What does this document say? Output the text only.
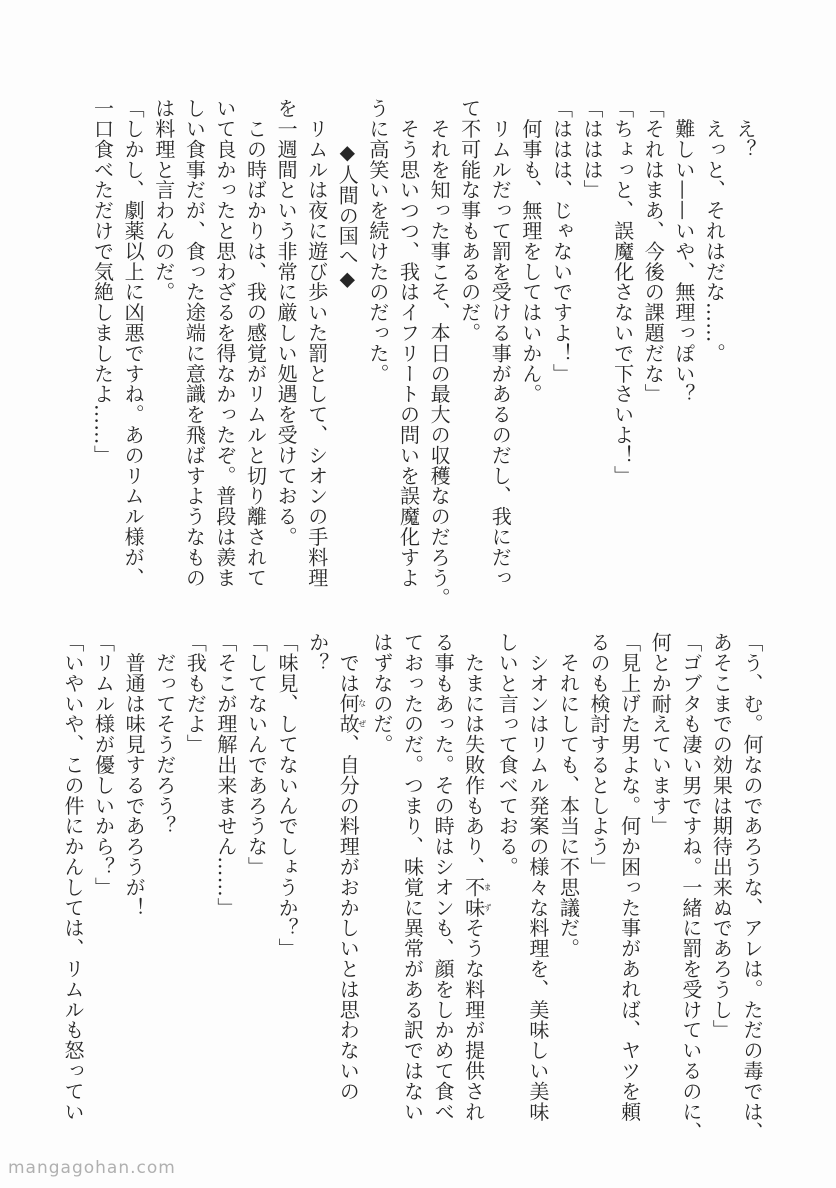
　え？
　えっと、それはだな……。
　難しい——いや、無理っぽい？
「それはまあ、今後の課題だな」
「ちょっと、誤魔化さないで下さいよ！」
「ははは」
「ははは、じゃないですよ！」
　何事も、無理をしてはいかん。
　リムルだって罰を受ける事があるのだし、我にだっ
て不可能な事もあるのだ。
　それを知った事こそ、本日の最大の収穫なのだろう。
　そう思いつつ、我はイフリートの問いを誤魔化すよ
うに高笑いを続けたのだった。
◆人間の国へ◆
　リムルは夜に遊び歩いた罰として、シオンの手料理
を一週間という非常に厳しい処遇を受けておる。
　この時ばかりは、我の感覚がリムルと切り離されて
いて良かったと思わざるを得なかったぞ。普段は羨ま
しい食事だが、食った途端に意識を飛ばすようなもの
は料理と言わんのだ。
「しかし、劇薬以上に凶悪ですね。あのリムル様が、
一口食べただけで気絶しましたよ……」
「う、む。何なのであろうな、アレは。ただの毒では、
あそこまでの効果は期待出来ぬであろうし」
「ゴブタも凄い男ですね。一緒に罰を受けているのに、
何とか耐えています」
「見上げた男よな。何か困った事があれば、ヤツを頼
るのも検討するとしよう」
　それにしても、本当に不思議だ。
　シオンはリムル発案の様々な料理を、美味しい美味
しいと言って食べておる。
　たまには失敗作もあり、不味まずそうな料理が提供され
る事もあった。その時はシオンも、顔をしかめて食べ
ておったのだ。つまり、味覚に異常がある訳ではない
はずなのだ。
　では何故なぜ、自分の料理がおかしいとは思わないの
か？
「味見、してないんでしょうか？」
「してないんであろうな」
「そこが理解出来ません……」
「我もだよ」
　だってそうだろう？
　普通は味見するであろうが！
「リムル様が優しいから？」
「いやいや、この件にかんしては、リムルも怒ってい
mangagohan.com
